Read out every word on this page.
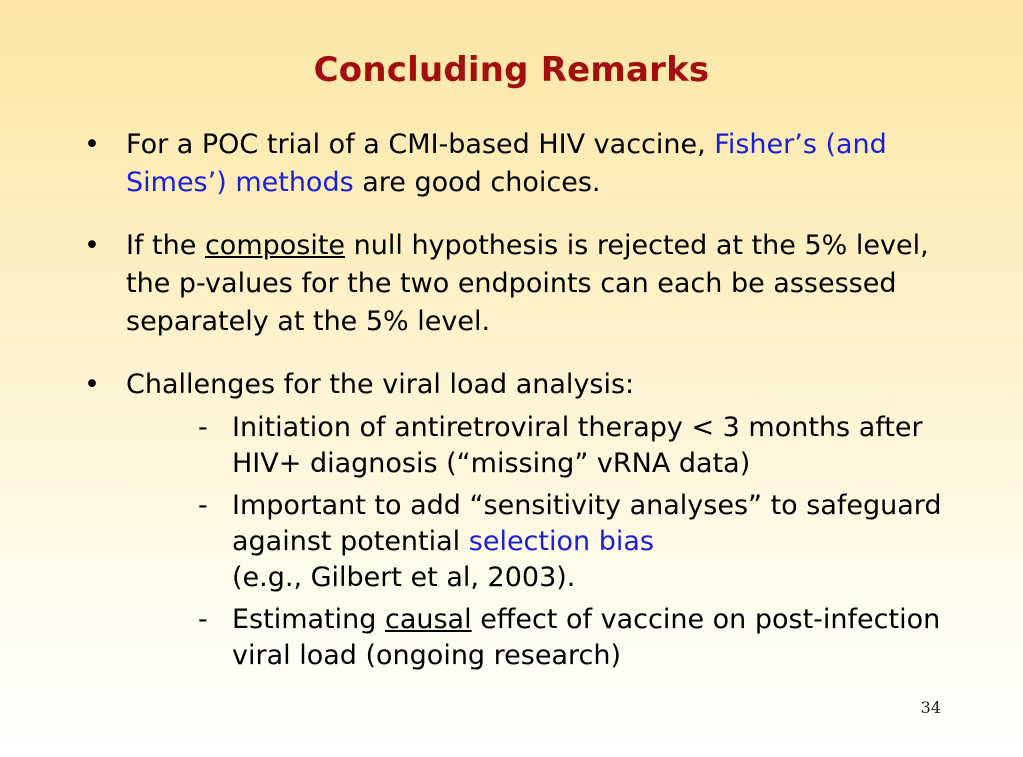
Concluding Remarks
• For a POC trial of a CMI-based HIV vaccine, Fisher’s (and Simes’) methods are good choices.
• If the composite null hypothesis is rejected at the 5% level, the p-values for the two endpoints can each be assessed separately at the 5% level.
• Challenges for the viral load analysis:
- Initiation of antiretroviral therapy < 3 months after HIV+ diagnosis (“missing” vRNA data)
- Important to add “sensitivity analyses” to safeguard against potential selection bias
(e.g., Gilbert et al, 2003).
- Estimating causal effect of vaccine on post-infection viral load (ongoing research)
34
